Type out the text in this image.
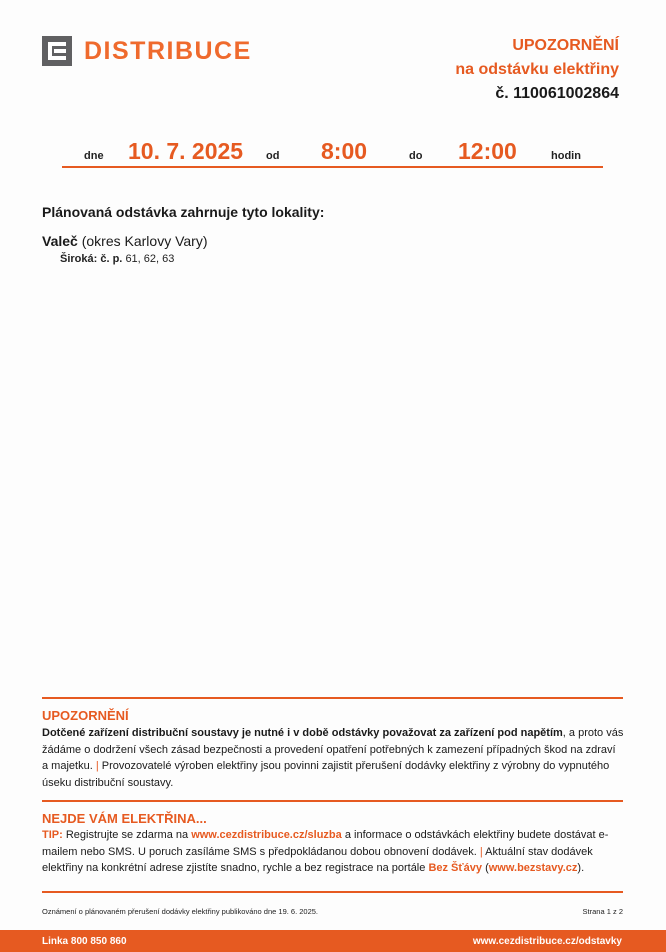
DISTRIBUCE	UPOZORNĚNÍ
na odstávku elektřiny
č. 110061002864
dne 10. 7. 2025 od 8:00	do 12:00	hodin
Plánovaná odstávka zahrnuje tyto lokality:
Valeč (okres Karlovy Vary)
Široká: č. p. 61, 62, 63
UPOZORNĚNÍ
Dotčené zařízení distribuční soustavy je nutné i v době odstávky považovat za zařízení pod napětím, a proto vás žádáme o dodržení všech zásad bezpečnosti a provedení opatření potřebných k zamezení případných škod na zdraví a majetku. | Provozovatelé výroben elektřiny jsou povinni zajistit přerušení dodávky elektřiny z výrobny do vypnutého úseku distribuční soustavy.
NEJDE VÁM ELEKTŘINA...
TIP: Registrujte se zdarma na www.cezdistribuce.cz/sluzba a informace o odstávkách elektřiny budete dostávat e-mailem nebo SMS. U poruch zasíláme SMS s předpokládanou dobou obnovení dodávek. | Aktuální stav dodávek elektřiny na konkrétní adrese zjistíte snadno, rychle a bez registrace na portále Bez Šťávy (www.bezstavy.cz).
Oznámení o plánovaném přerušení dodávky elektřiny publikováno dne 19. 6. 2025.	Strana 1 z 2
Linka 800 850 860	www.cezdistribuce.cz/odstavky
